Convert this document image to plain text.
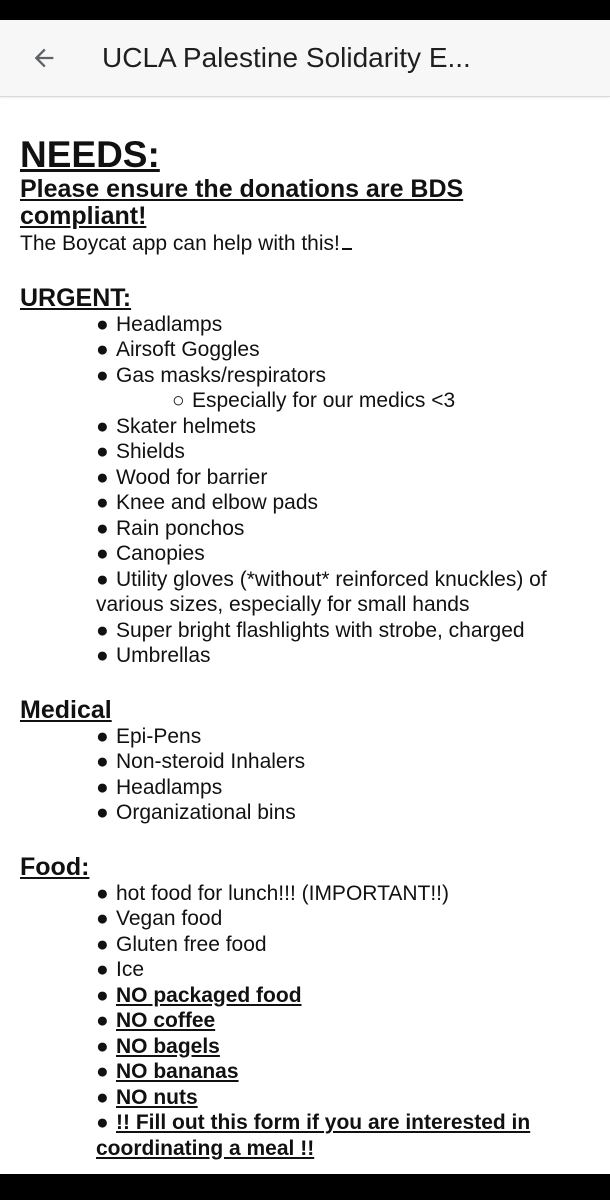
UCLA Palestine Solidarity E...
NEEDS:
Please ensure the donations are BDS compliant!
The Boycat app can help with this!
URGENT:
● Headlamps
● Airsoft Goggles
● Gas masks/respirators
○ Especially for our medics <3
● Skater helmets
● Shields
● Wood for barrier
● Knee and elbow pads
● Rain ponchos
● Canopies
● Utility gloves (*without* reinforced knuckles) of various sizes, especially for small hands
● Super bright flashlights with strobe, charged
● Umbrellas
Medical
● Epi-Pens
● Non-steroid Inhalers
● Headlamps
● Organizational bins
Food:
● hot food for lunch!!! (IMPORTANT!!)
● Vegan food
● Gluten free food
● Ice
● NO packaged food
● NO coffee
● NO bagels
● NO bananas
● NO nuts
● !! Fill out this form if you are interested in coordinating a meal !!
